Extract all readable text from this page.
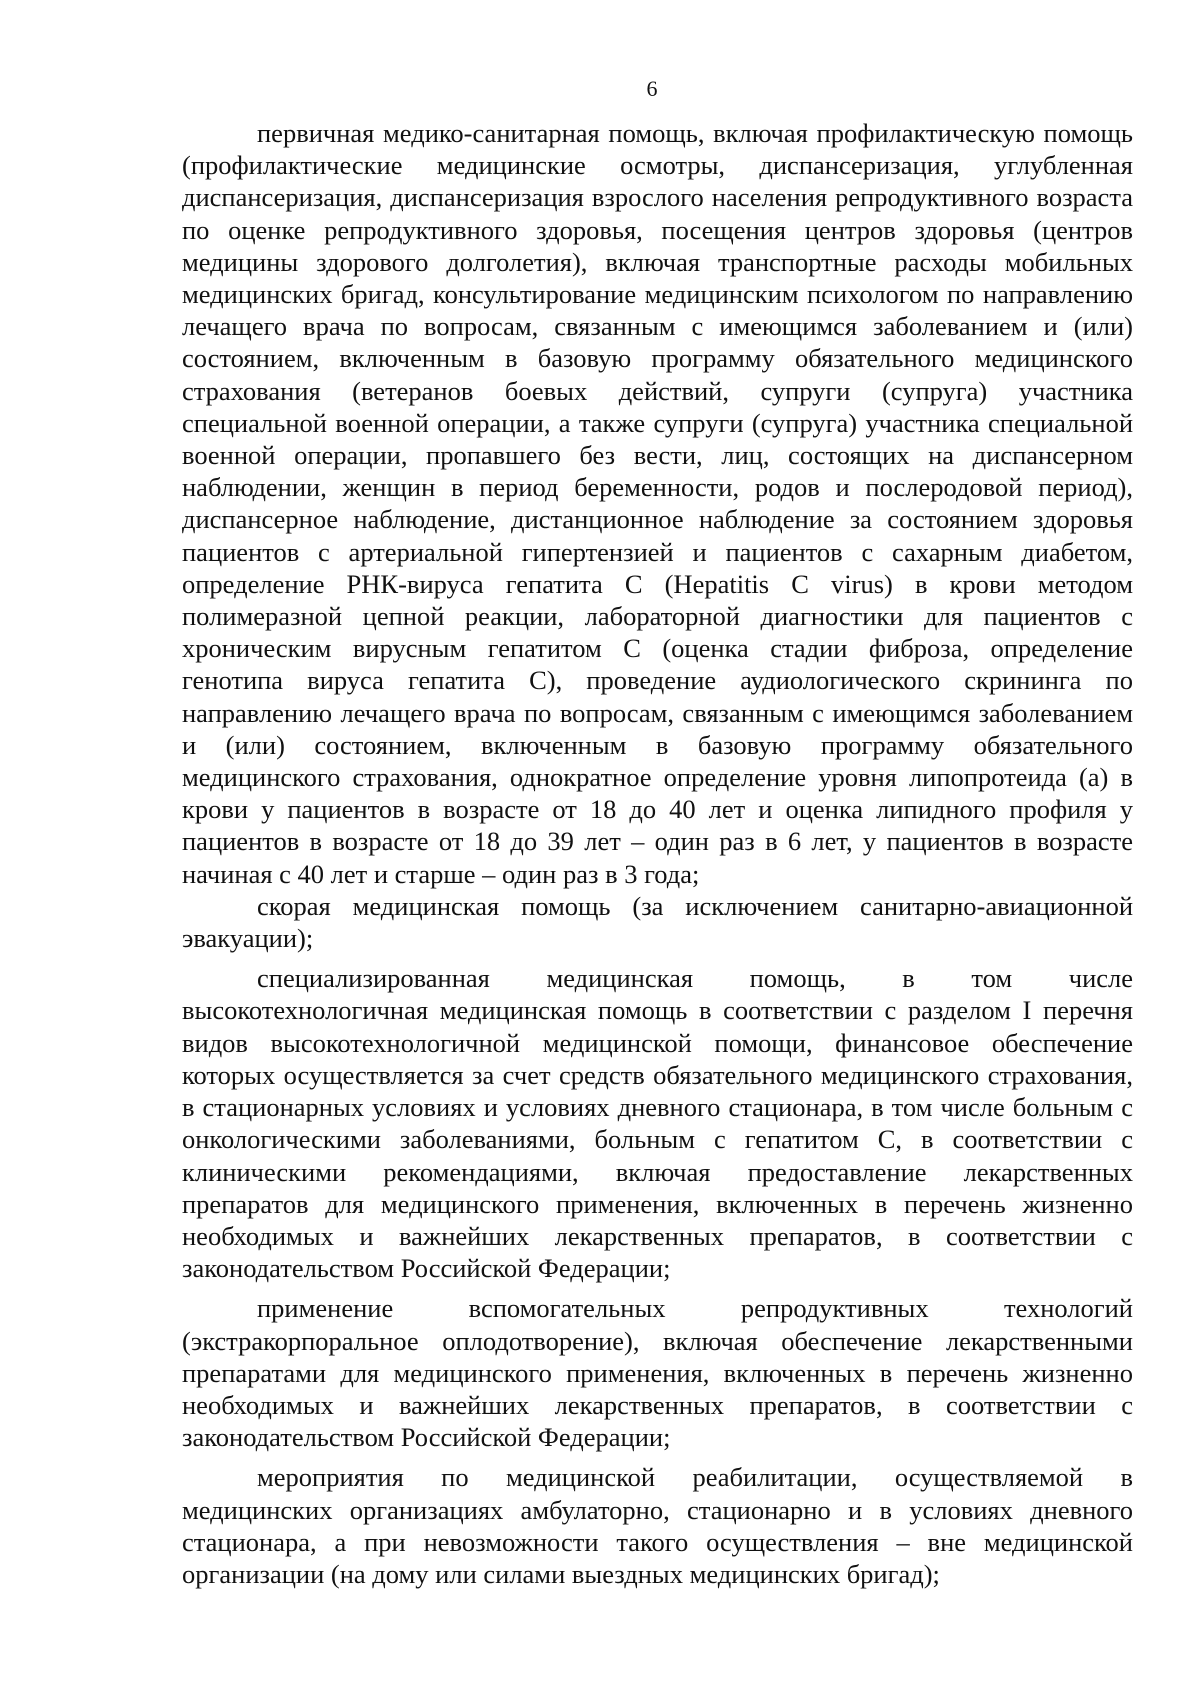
6

первичная медико-санитарная помощь, включая профилактическую помощь (профилактические медицинские осмотры, диспансеризация, углубленная диспансеризация, диспансеризация взрослого населения репродуктивного возраста по оценке репродуктивного здоровья, посещения центров здоровья (центров медицины здорового долголетия), включая транспортные расходы мобильных медицинских бригад, консультирование медицинским психологом по направлению лечащего врача по вопросам, связанным с имеющимся заболеванием и (или) состоянием, включенным в базовую программу обязательного медицинского страхования (ветеранов боевых действий, супруги (супруга) участника специальной военной операции, а также супруги (супруга) участника специальной военной операции, пропавшего без вести, лиц, состоящих на диспансерном наблюдении, женщин в период беременности, родов и послеродовой период), диспансерное наблюдение, дистанционное наблюдение за состоянием здоровья пациентов с артериальной гипертензией и пациентов с сахарным диабетом, определение РНК-вируса гепатита С (Hepatitis C virus) в крови методом полимеразной цепной реакции, лабораторной диагностики для пациентов с хроническим вирусным гепатитом С (оценка стадии фиброза, определение генотипа вируса гепатита С), проведение аудиологического скрининга по направлению лечащего врача по вопросам, связанным с имеющимся заболеванием и (или) состоянием, включенным в базовую программу обязательного медицинского страхования, однократное определение уровня липопротеида (а) в крови у пациентов в возрасте от 18 до 40 лет и оценка липидного профиля у пациентов в возрасте от 18 до 39 лет – один раз в 6 лет, у пациентов в возрасте начиная с 40 лет и старше – один раз в 3 года;

скорая медицинская помощь (за исключением санитарно-авиационной эвакуации);

специализированная медицинская помощь, в том числе высокотехнологичная медицинская помощь в соответствии с разделом I перечня видов высокотехнологичной медицинской помощи, финансовое обеспечение которых осуществляется за счет средств обязательного медицинского страхования, в стационарных условиях и условиях дневного стационара, в том числе больным с онкологическими заболеваниями, больным с гепатитом С, в соответствии с клиническими рекомендациями, включая предоставление лекарственных препаратов для медицинского применения, включенных в перечень жизненно необходимых и важнейших лекарственных препаратов, в соответствии с законодательством Российской Федерации;

применение вспомогательных репродуктивных технологий (экстракорпоральное оплодотворение), включая обеспечение лекарственными препаратами для медицинского применения, включенных в перечень жизненно необходимых и важнейших лекарственных препаратов, в соответствии с законодательством Российской Федерации;

мероприятия по медицинской реабилитации, осуществляемой в медицинских организациях амбулаторно, стационарно и в условиях дневного стационара, а при невозможности такого осуществления – вне медицинской организации (на дому или силами выездных медицинских бригад);
